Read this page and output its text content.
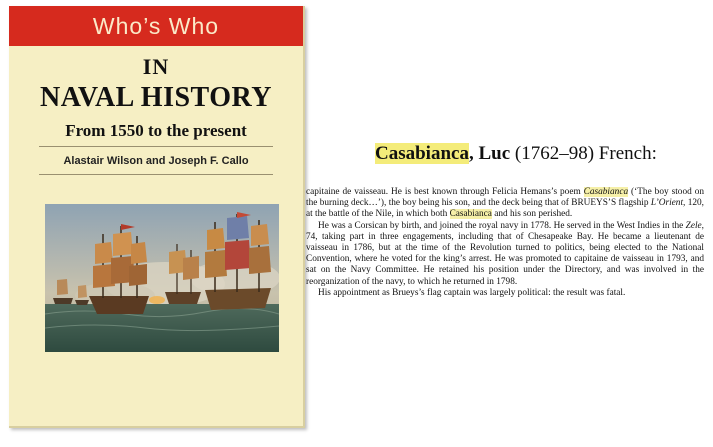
Who’s Who
IN
NAVAL HISTORY
From 1550 to the present
Alastair Wilson and Joseph F. Callo	Casabianca, Luc (1762–98) French:

capitaine de vaisseau. He is best known through Felicia Hemans’s poem Casabianca (‘The boy stood on the burning deck…’), the boy being his son, and the deck being that of BRUEYS’S flagship L’Orient, 120, at the battle of the Nile, in which both Casabianca and his son perished.

He was a Corsican by birth, and joined the royal navy in 1778. He served in the West Indies in the Zele, 74, taking part in three engagements, including that of Chesapeake Bay. He became a lieutenant de vaisseau in 1786, but at the time of the Revolution turned to politics, being elected to the National Convention, where he voted for the king’s arrest. He was promoted to capitaine de vaisseau in 1793, and sat on the Navy Committee. He retained his position under the Directory, and was involved in the reorganization of the navy, to which he returned in 1798.

His appointment as Brueys’s flag captain was largely political: the result was fatal.
